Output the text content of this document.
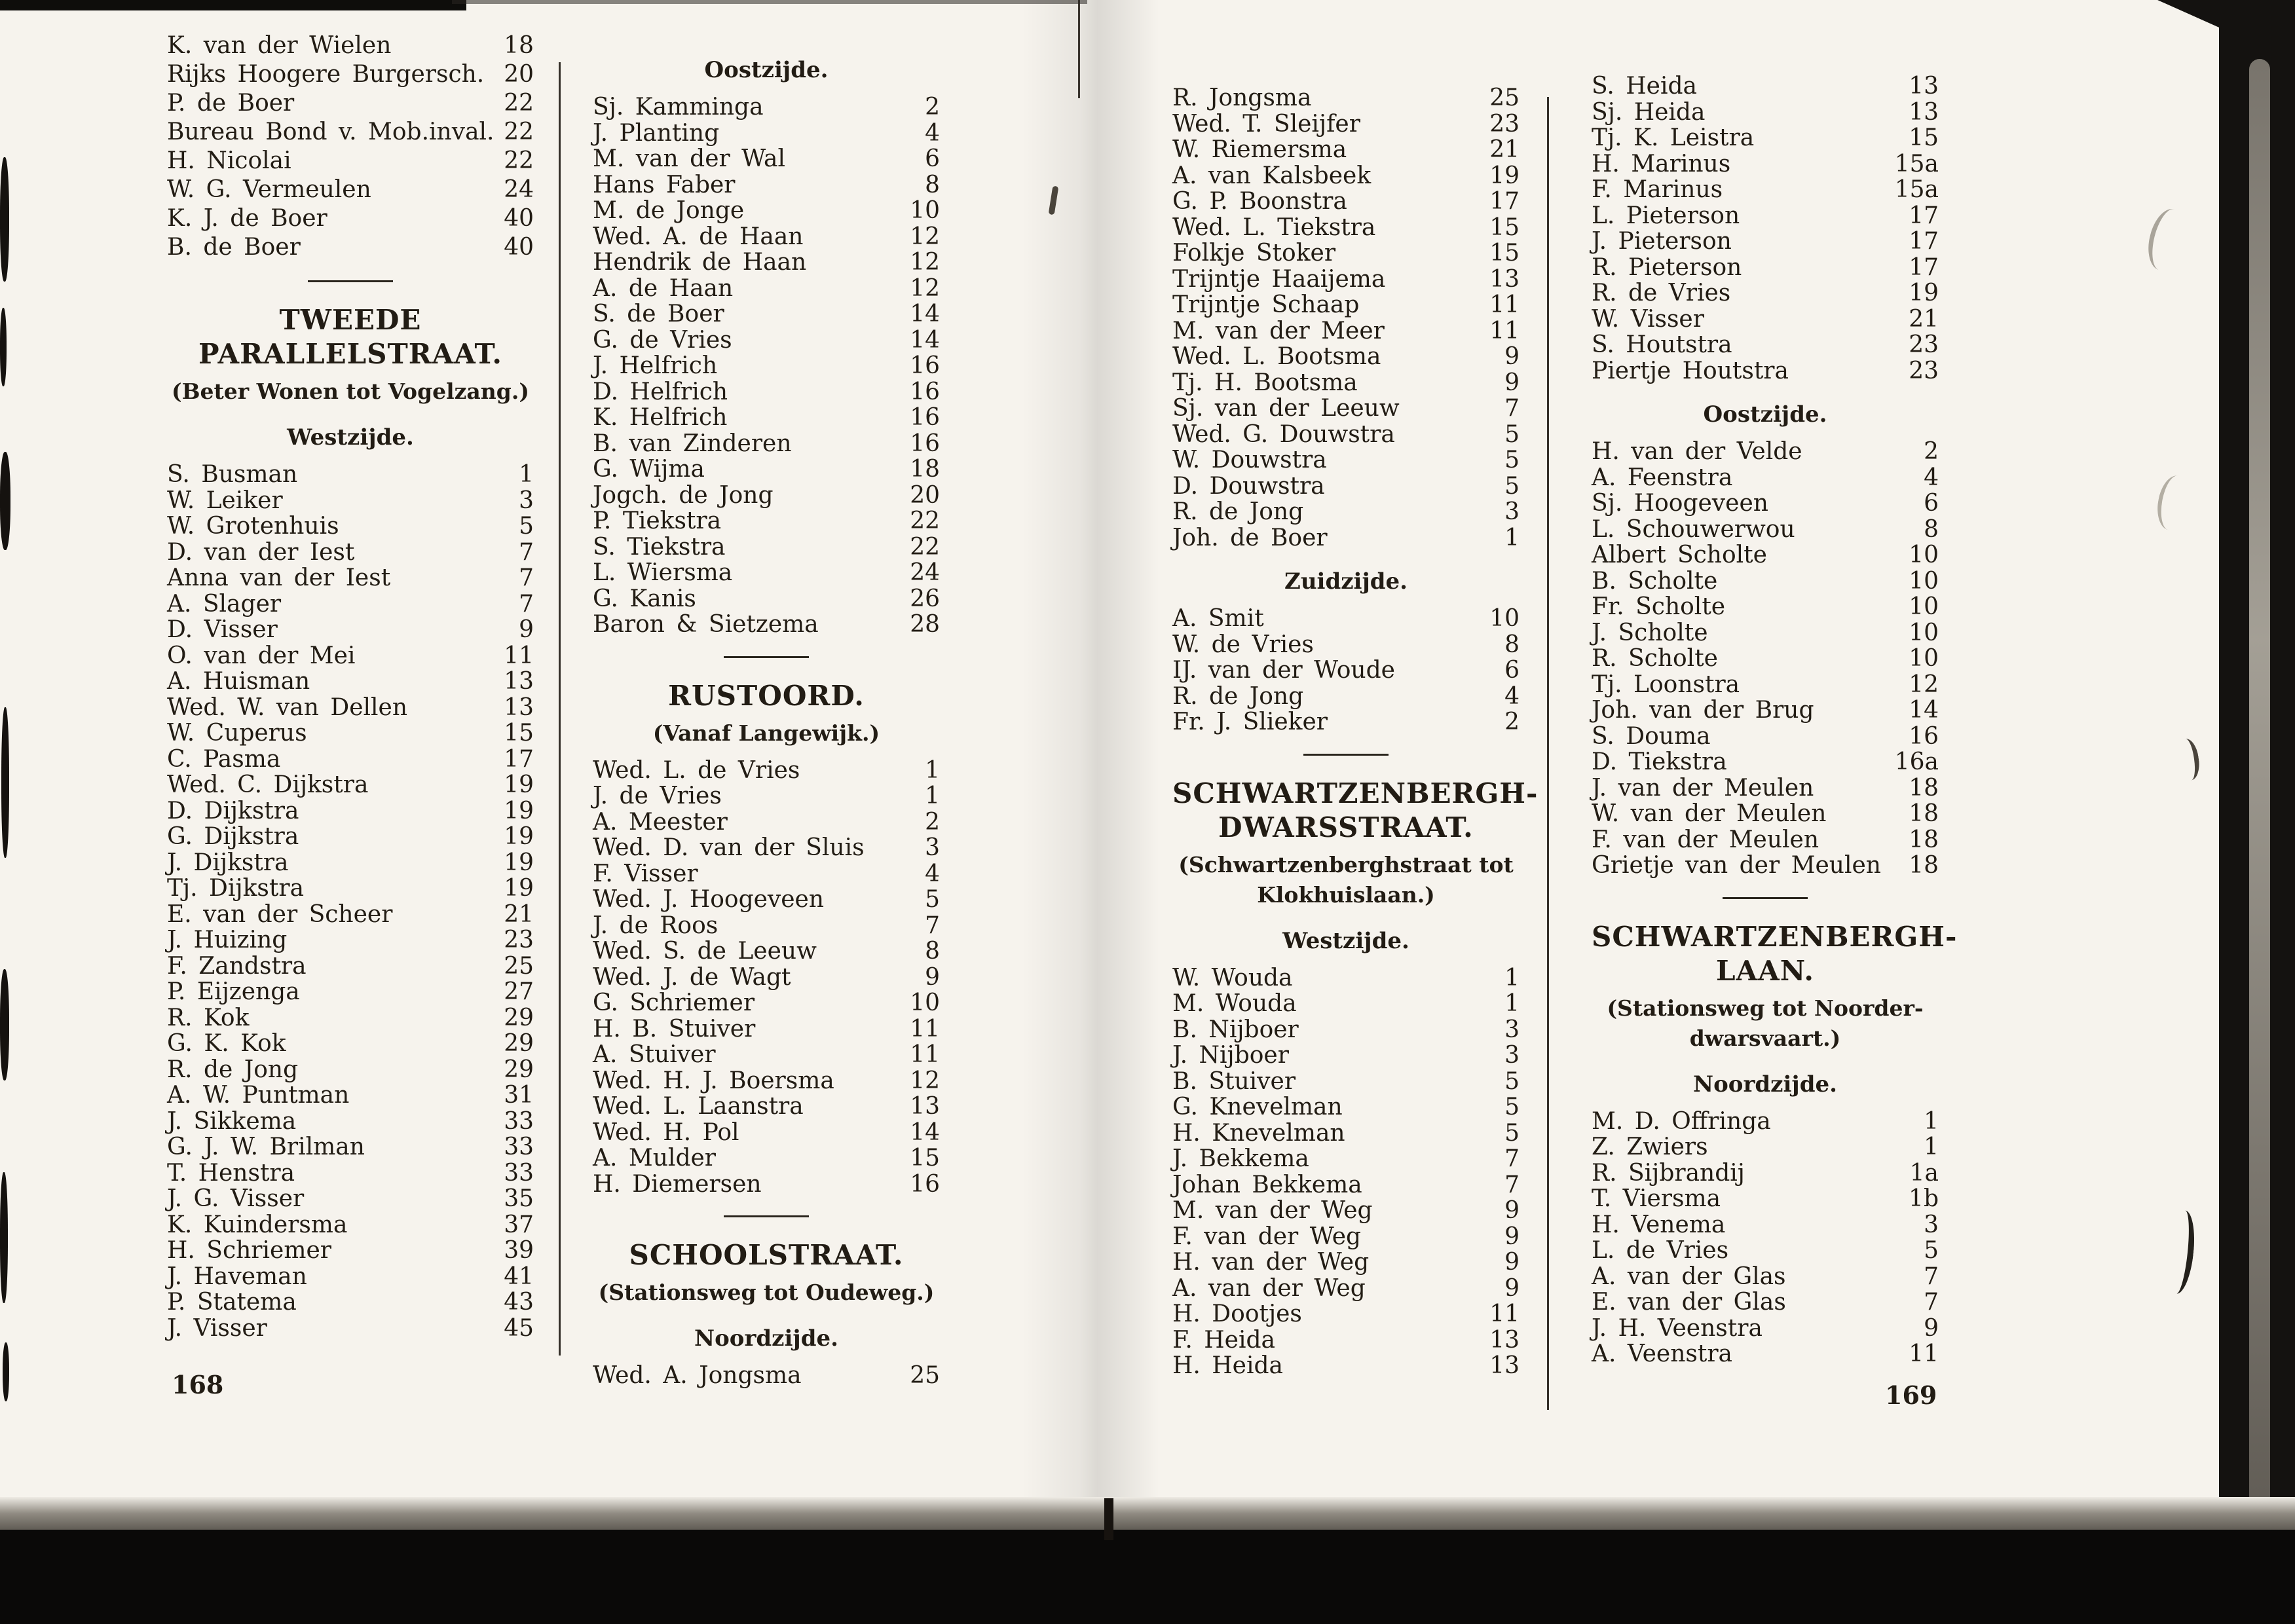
K. van der Wielen	18
Rijks Hoogere Burgersch. 20
P. de Boer	22
Bureau Bond v. Mob.inval. 22
H. Nicolai	22
W. G. Vermeulen	24
K. J. de Boer	40
B. de Boer	40
TWEEDE
PARALLELSTRAAT.
(Beter Wonen tot Vogelzang.)
Westzijde.
S. Busman	1
W. Leiker	3
W. Grotenhuis	5
D. van der Iest	7
Anna van der Iest	7
A. Slager	7
D. Visser	9
O. van der Mei	11
A. Huisman	13
Wed. W. van Dellen	13
W. Cuperus	15
C. Pasma	17
Wed. C. Dijkstra	19
D. Dijkstra	19
G. Dijkstra	19
J. Dijkstra	19
Tj. Dijkstra	19
E. van der Scheer	21
J. Huizing	23
F. Zandstra	25
P. Eijzenga	27
R. Kok	29
G. K. Kok	29
R. de Jong	29
A. W. Puntman	31
J. Sikkema	33
G. J. W. Brilman	33
T. Henstra	33
J. G. Visser	35
K. Kuindersma	37
H. Schriemer	39
J. Haveman	41
P. Statema	43
J. Visser	45
Oostzijde.
Sj. Kamminga	2
J. Planting	4
M. van der Wal	6
Hans Faber	8
M. de Jonge	10
Wed. A. de Haan	12
Hendrik de Haan	12
A. de Haan	12
S. de Boer	14
G. de Vries	14
J. Helfrich	16
D. Helfrich	16
K. Helfrich	16
B. van Zinderen	16
G. Wijma	18
Jogch. de Jong	20
P. Tiekstra	22
S. Tiekstra	22
L. Wiersma	24
G. Kanis	26
Baron & Sietzema	28
RUSTOORD.
(Vanaf Langewijk.)
Wed. L. de Vries	1
J. de Vries	1
A. Meester	2
Wed. D. van der Sluis	3
F. Visser	4
Wed. J. Hoogeveen	5
J. de Roos	7
Wed. S. de Leeuw	8
Wed. J. de Wagt	9
G. Schriemer	10
H. B. Stuiver	11
A. Stuiver	11
Wed. H. J. Boersma	12
Wed. L. Laanstra	13
Wed. H. Pol	14
A. Mulder	15
H. Diemersen	16
SCHOOLSTRAAT.
(Stationsweg tot Oudeweg.)
Noordzijde.
Wed. A. Jongsma	25
R. Jongsma	25
Wed. T. Sleijfer	23
W. Riemersma	21
A. van Kalsbeek	19
G. P. Boonstra	17
Wed. L. Tiekstra	15
Folkje Stoker	15
Trijntje Haaijema	13
Trijntje Schaap	11
M. van der Meer	11
Wed. L. Bootsma	9
Tj. H. Bootsma	9
Sj. van der Leeuw	7
Wed. G. Douwstra	5
W. Douwstra	5
D. Douwstra	5
R. de Jong	3
Joh. de Boer	1
Zuidzijde.
A. Smit	10
W. de Vries	8
IJ. van der Woude	6
R. de Jong	4
Fr. J. Slieker	2
SCHWARTZENBERGH-
DWARSSTRAAT.
(Schwartzenberghstraat tot
Klokhuislaan.)
Westzijde.
W. Wouda	1
M. Wouda	1
B. Nijboer	3
J. Nijboer	3
B. Stuiver	5
G. Knevelman	5
H. Knevelman	5
J. Bekkema	7
Johan Bekkema	7
M. van der Weg	9
F. van der Weg	9
H. van der Weg	9
A. van der Weg	9
H. Dootjes	11
F. Heida	13
H. Heida	13
S. Heida	13
Sj. Heida	13
Tj. K. Leistra	15
H. Marinus	15a
F. Marinus	15a
L. Pieterson	17
J. Pieterson	17
R. Pieterson	17
R. de Vries	19
W. Visser	21
S. Houtstra	23
Piertje Houtstra	23
Oostzijde.
H. van der Velde	2
A. Feenstra	4
Sj. Hoogeveen	6
L. Schouwerwou	8
Albert Scholte	10
B. Scholte	10
Fr. Scholte	10
J. Scholte	10
R. Scholte	10
Tj. Loonstra	12
Joh. van der Brug	14
S. Douma	16
D. Tiekstra	16a
J. van der Meulen	18
W. van der Meulen	18
F. van der Meulen	18
Grietje van der Meulen 18
SCHWARTZENBERGH-
LAAN.
(Stationsweg tot Noorder-
dwarsvaart.)
Noordzijde.
M. D. Offringa	1
Z. Zwiers	1
R. Sijbrandij	1a
T. Viersma	1b
H. Venema	3
L. de Vries	5
A. van der Glas	7
E. van der Glas	7
J. H. Veenstra	9
A. Veenstra	11
168	169
